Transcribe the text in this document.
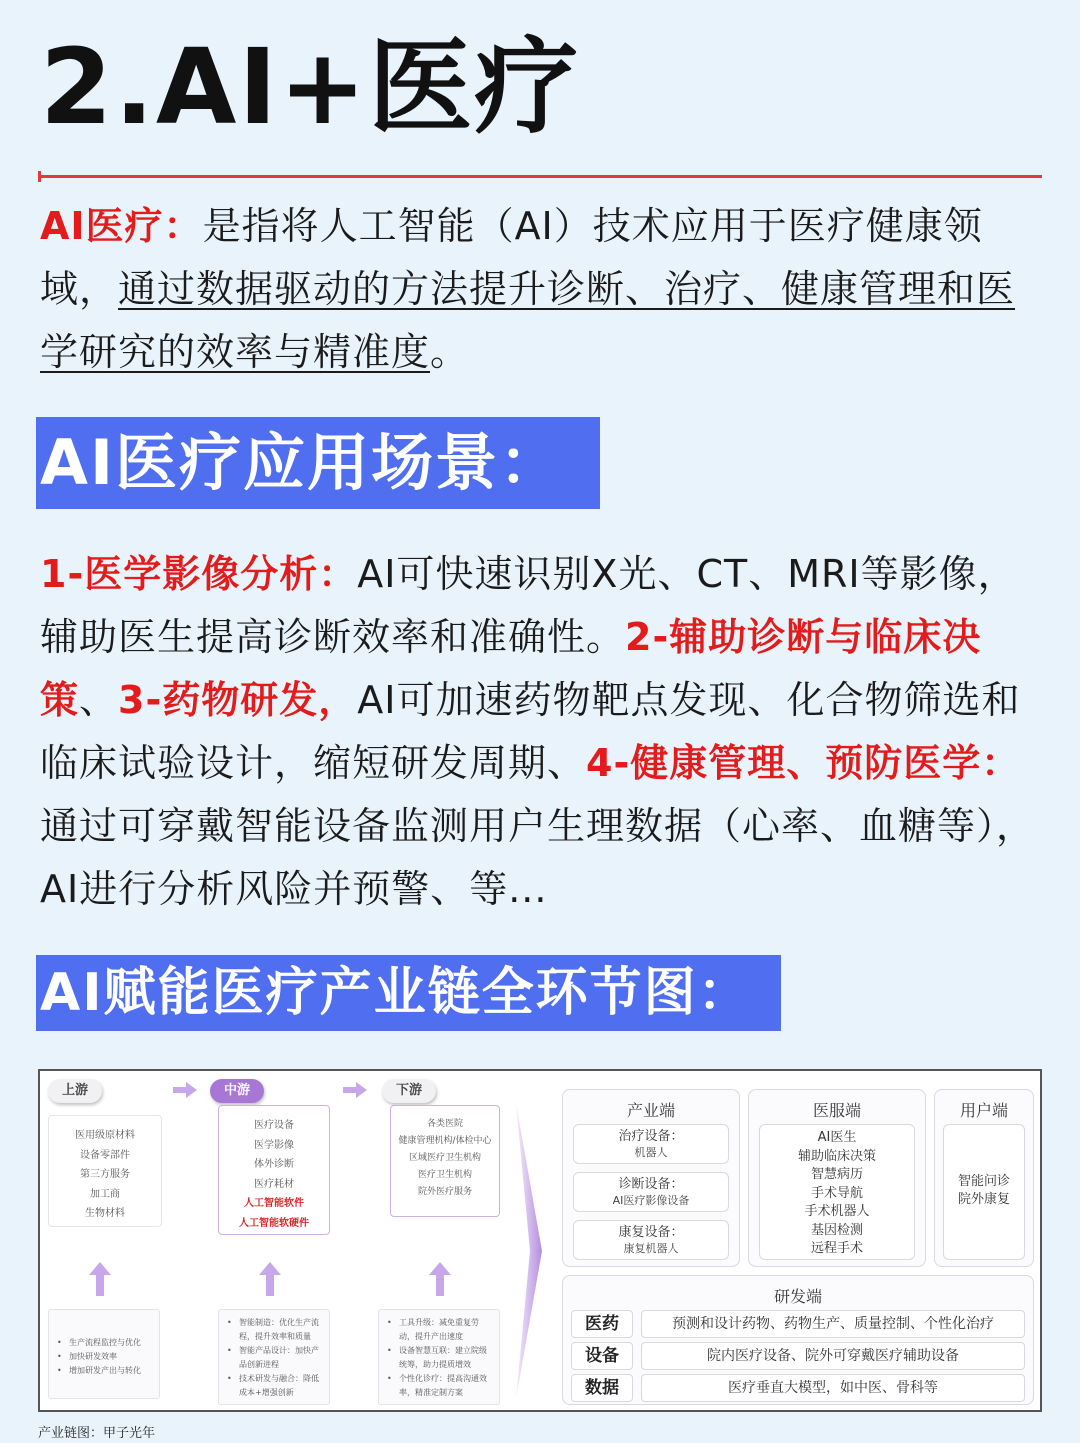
2.AI+医疗
AI医疗：是指将人工智能（AI）技术应用于医疗健康领域，通过数据驱动的方法提升诊断、治疗、健康管理和医学研究的效率与精准度。
AI医疗应用场景：
1-医学影像分析：AI可快速识别X光、CT、MRI等影像，辅助医生提高诊断效率和准确性。2-辅助诊断与临床决策、3-药物研发，AI可加速药物靶点发现、化合物筛选和临床试验设计，缩短研发周期、4-健康管理、预防医学：通过可穿戴智能设备监测用户生理数据（心率、血糖等），AI进行分析风险并预警、等...
AI赋能医疗产业链全环节图：
上游	中游	下游
医用级原材料
设备零部件
第三方服务
加工商
生物材料
医疗设备
医学影像
体外诊断
医疗耗材
人工智能软件
人工智能软硬件
各类医院
健康管理机构/体检中心
区域医疗卫生机构
医疗卫生机构
院外医疗服务
• 生产流程监控与优化
• 加快研发效率
• 增加研发产出与转化
• 智能制造：优化生产流程，提升效率和质量
• 智能产品设计：加快产品创新进程
• 技术研发与融合：降低成本+增强创新
• 工具升级：减免重复劳动，提升产出速度
• 设备智慧互联：建立院级统筹，助力提质增效
• 个性化诊疗：提高沟通效率，精准定制方案
产业端
治疗设备：
机器人
诊断设备：
AI医疗影像设备
康复设备：
康复机器人
医服端
AI医生
辅助临床决策
智慧病历
手术导航
手术机器人
基因检测
远程手术
用户端
智能问诊
院外康复
研发端
医药	预测和设计药物、药物生产、质量控制、个性化治疗
设备	院内医疗设备、院外可穿戴医疗辅助设备
数据	医疗垂直大模型，如中医、骨科等
产业链图：甲子光年
